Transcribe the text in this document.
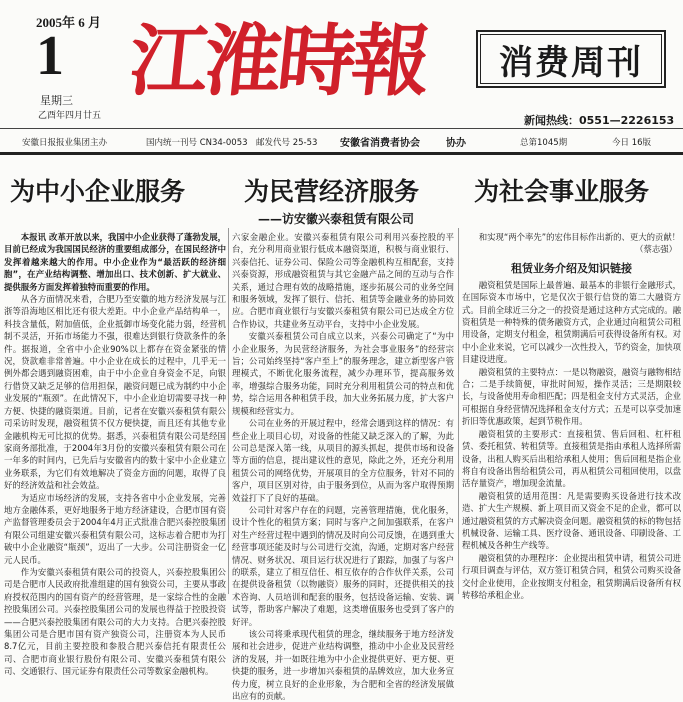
2005年 6 月
1
星期三
乙酉年四月廿五
江淮時報	消费周刊
新闻热线：0551—2226153
安徽日报报业集团主办	国内统一刊号 CN34-0053 邮发代号 25-53 安徽省消费者协会	协办	总第1045期	今日 16版
为中小企业服务 为民营经济服务 为社会事业服务
——访安徽兴泰租赁有限公司

本报讯 改革开放以来，我国中小企业获得了蓬勃发展，目前已经成为我国国民经济的重要组成部分，在国民经济中发挥着越来越大的作用。中小企业作为“最活跃的经济细胞”，在产业结构调整、增加出口、技术创新、扩大就业、提供服务方面发挥着独特而重要的作用。

从各方面情况来看，合肥乃至安徽的地方经济发展与江浙等沿海地区相比还有很大差距。中小企业产品结构单一，科技含量低，附加值低，企业抵御市场变化能力弱，经营机制不灵活，开拓市场能力不强，很难达到银行贷款条件的条件。据报道，全省中小企业90%以上都存在资金紧张的情况，贷款难非常普遍。中小企业在成长的过程中，几乎无一例外都会遇到融资困难，由于中小企业自身资金不足，向银行借贷又缺乏足够的信用担保，融资问题已成为制约中小企业发展的“瓶颈”。在此情况下，中小企业迫切需要寻找一种方便、快捷的融资渠道。目前，记者在安徽兴泰租赁有限公司采访时发现，融资租赁不仅方便快捷，而且还有其他专业金融机构无可比拟的优势。据悉，兴泰租赁有限公司是经国家商务部批准，于2004年3月份的安徽兴泰租赁有限公司在一年多的时间内，已先后与安徽省内的数十家中小企业建立业务联系，为它们有效地解决了资金方面的问题，取得了良好的经济效益和社会效益。

为适应市场经济的发展，支持各省中小企业发展，完善地方金融体系，更好地服务于地方经济建设，合肥市国有资产监督管理委员会于2004年4月正式批准合肥兴泰控股集团有限公司组建安徽兴泰租赁有限公司，这标志着合肥市为打破中小企业融资“瓶颈”，迈出了一大步。公司注册资金一亿元人民币。

作为安徽兴泰租赁有限公司的投资人，兴泰控股集团公司是合肥市人民政府批准组建的国有独资公司，主要从事政府授权范围内的国有资产的经营管理，是一家综合性的金融控股集团公司。兴泰控股集团公司的发展也得益于控股投资——合肥兴泰控股集团有限公司的大力支持。合肥兴泰控股集团公司是合肥市国有资产独资公司，注册资本为人民币8.7亿元，目前主要控股和参股合肥兴泰信托有限责任公司、合肥市商业银行股份有限公司、安徽兴泰租赁有限公司、交通银行、国元证券有限责任公司等数家金融机构。

六家金融企业。安徽兴泰租赁有限公司利用兴泰控股的平台，充分利用商业银行低成本融资渠道，积极与商业银行、兴泰信托、证券公司、保险公司等金融机构互相配套，支持兴泰资源，形成融资租赁与其它金融产品之间的互动与合作关系，通过合理有效的战略措施，逐步拓展公司的业务空间和服务领域，发挥了银行、信托、租赁等金融业务的协同效应。合肥市商业银行与安徽兴泰租赁有限公司已达成全方位合作协议，共建业务互动平台，支持中小企业发展。

安徽兴泰租赁公司自成立以来，兴泰公司确定了“为中小企业服务，为民营经济服务，为社会事业服务”的经营宗旨；公司始终坚持“客户至上”的服务理念，建立新型客户管理模式，不断优化服务流程，减少办理环节，提高服务效率，增强综合服务功能，同时充分利用租赁公司的特点和优势，综合运用各种租赁手段，加大业务拓展力度，扩大客户规模和经营实力。

公司在业务的开展过程中，经常会遇到这样的情况：有些企业上项目心切，对设备的性能又缺乏深入的了解，为此公司总是深入第一线，从项目的源头抓起，提供市场和设备等方面的信息，提出建议性的意见，除此之外，还充分利用租赁公司的网络优势，开展项目的全方位服务，针对不同的客户，项目区别对待，由于服务到位，从而为客户取得预期效益打下了良好的基础。

公司针对客户存在的问题，完善管理措施，优化服务，设计个性化的租赁方案；同时与客户之间加强联系，在客户对生产经营过程中遇到的情况及时向公司反馈，在遇到重大经营事项还能及时与公司进行交流，沟通，定期对客户经营情况、财务状况、项目运行状况进行了跟踪，加强了与客户的联系，建立了相互信任、相互依存的合作伙伴关系，公司在提供设备租赁（以物融资）服务的同时，还提供相关的技术咨询、人员培训和配套的服务，包括设备运输、安装、调试等，帮助客户解决了难题，这类增值服务也受到了客户的好评。

该公司将秉承现代租赁的理念，继续服务于地方经济发展和社会进步，促进产业结构调整，推动中小企业及民营经济的发展，并一如既往地为中小企业提供更好、更方便、更快捷的服务，进一步增加兴泰租赁的品牌效应，加大业务宣传力度，树立良好的企业形象，为合肥和全省的经济发展做出应有的贡献。

和实现“两个率先”的宏伟目标作出新的、更大的贡献！

（蔡志强）
租赁业务介绍及知识链接

融资租赁是国际上最普遍、最基本的非银行金融形式，在国际资本市场中，它是仅次于银行信贷的第二大融资方式。目前全球近三分之一的投资是通过这种方式完成的。融资租赁是一种特殊的债务融资方式，企业通过向租赁公司租用设备，定期支付租金，租赁期满后可获得设备所有权。对中小企业来说，它可以减少一次性投入，节约资金，加快项目建设进度。

融资租赁的主要特点：一是以物融资，融资与融物相结合；二是手续简便，审批时间短，操作灵活；三是期限较长，与设备使用寿命相匹配；四是租金支付方式灵活，企业可根据自身经营情况选择租金支付方式；五是可以享受加速折旧等优惠政策，起到节税作用。

融资租赁的主要形式：直接租赁、售后回租、杠杆租赁、委托租赁、转租赁等。直接租赁是指由承租人选择所需设备，出租人购买后出租给承租人使用；售后回租是指企业将自有设备出售给租赁公司，再从租赁公司租回使用，以盘活存量资产，增加现金流量。

融资租赁的适用范围：凡是需要购买设备进行技术改造、扩大生产规模、新上项目而又资金不足的企业，都可以通过融资租赁的方式解决资金问题。融资租赁的标的物包括机械设备、运输工具、医疗设备、通讯设备、印刷设备、工程机械及各种生产线等。

融资租赁的办理程序：企业提出租赁申请，租赁公司进行项目调查与评估，双方签订租赁合同，租赁公司购买设备交付企业使用，企业按期支付租金，租赁期满后设备所有权转移给承租企业。
